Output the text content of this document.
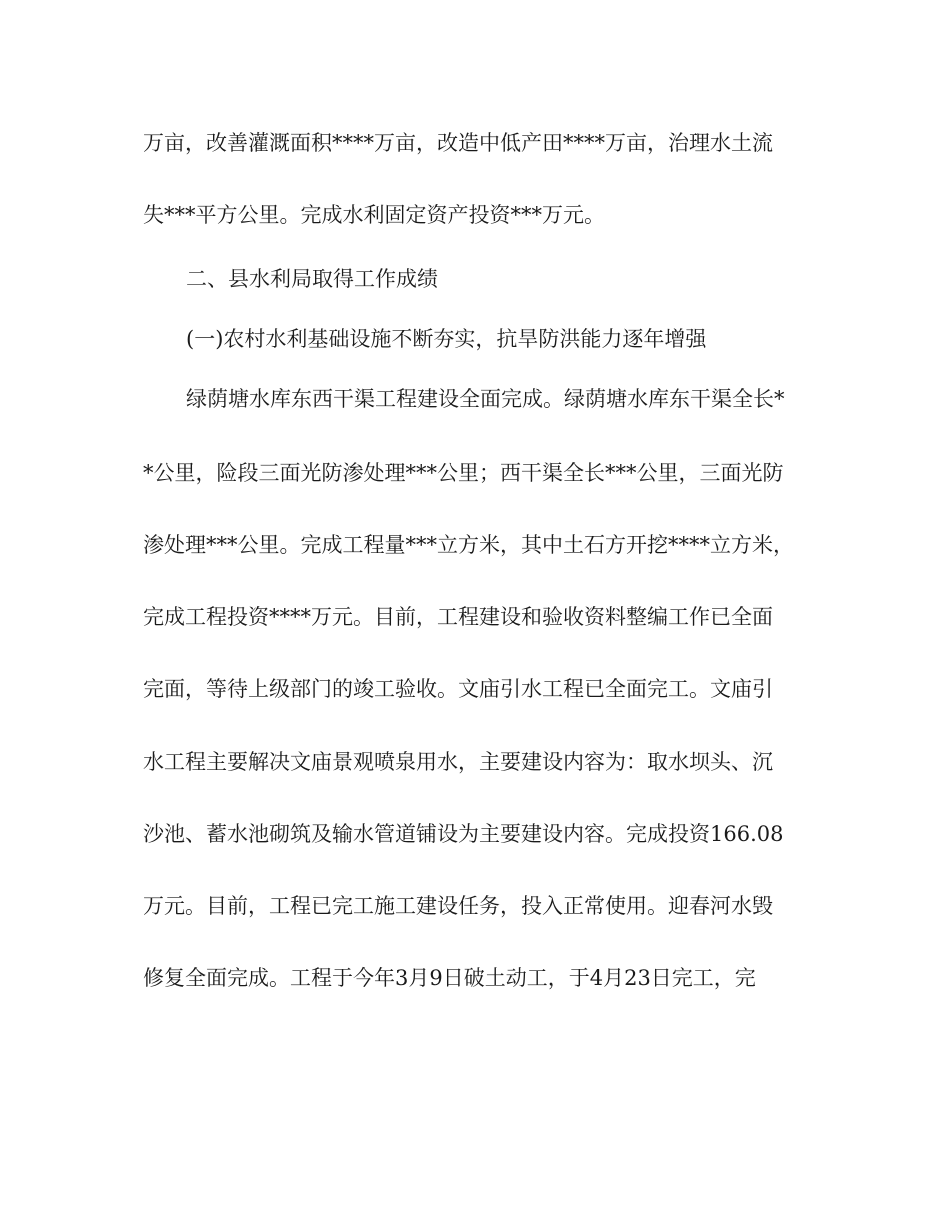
万亩，改善灌溉面积****万亩，改造中低产田****万亩，治理水土流
失***平方公里。完成水利固定资产投资***万元。
二、县水利局取得工作成绩
(一)农村水利基础设施不断夯实，抗旱防洪能力逐年增强
绿荫塘水库东西干渠工程建设全面完成。绿荫塘水库东干渠全长*
*公里，险段三面光防渗处理***公里；西干渠全长***公里，三面光防
渗处理***公里。完成工程量***立方米，其中土石方开挖****立方米，
完成工程投资****万元。目前，工程建设和验收资料整编工作已全面
完面，等待上级部门的竣工验收。文庙引水工程已全面完工。文庙引
水工程主要解决文庙景观喷泉用水，主要建设内容为：取水坝头、沉
沙池、蓄水池砌筑及输水管道铺设为主要建设内容。完成投资166.08
万元。目前，工程已完工施工建设任务，投入正常使用。迎春河水毁
修复全面完成。工程于今年3月9日破土动工，于4月23日完工，完
